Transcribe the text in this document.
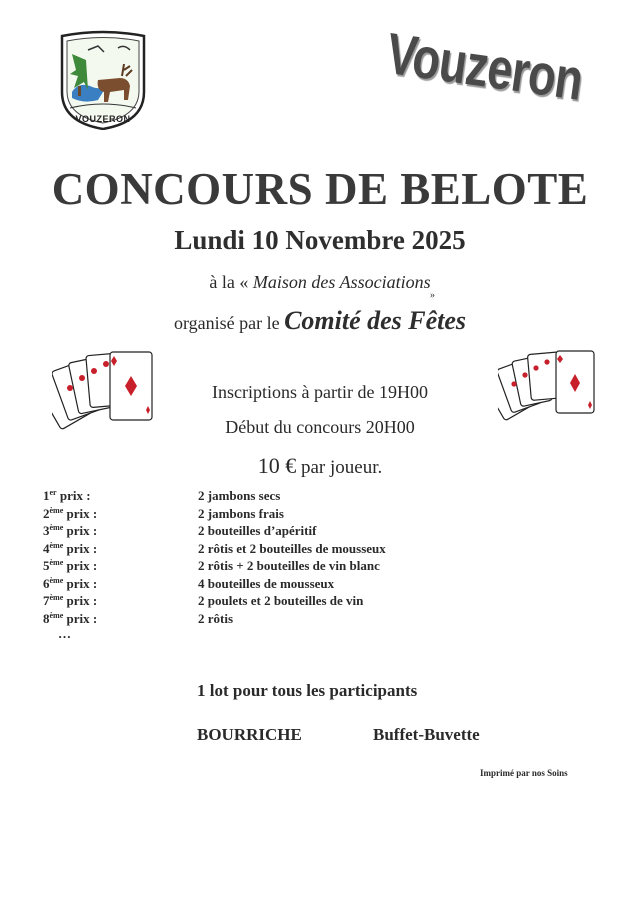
VOUZERON
Vouzeron
CONCOURS DE BELOTE
Lundi 10 Novembre 2025
à la « Maison des Associations
»
organisé par le Comité des Fêtes
Inscriptions à partir de 19H00
Début du concours 20H00
10 € par joueur.
1er prix :	2 jambons secs
2ème prix :	2 jambons frais
3ème prix :	2 bouteilles d’apéritif
4ème prix :	2 rôtis et 2 bouteilles de mousseux
5ème prix :	2 rôtis + 2 bouteilles de vin blanc
6ème prix :	4 bouteilles de mousseux
7ème prix :	2 poulets et 2 bouteilles de vin
8ème prix :	2 rôtis
…
1 lot pour tous les participants
BOURRICHE	Buffet-Buvette
Imprimé par nos Soins
